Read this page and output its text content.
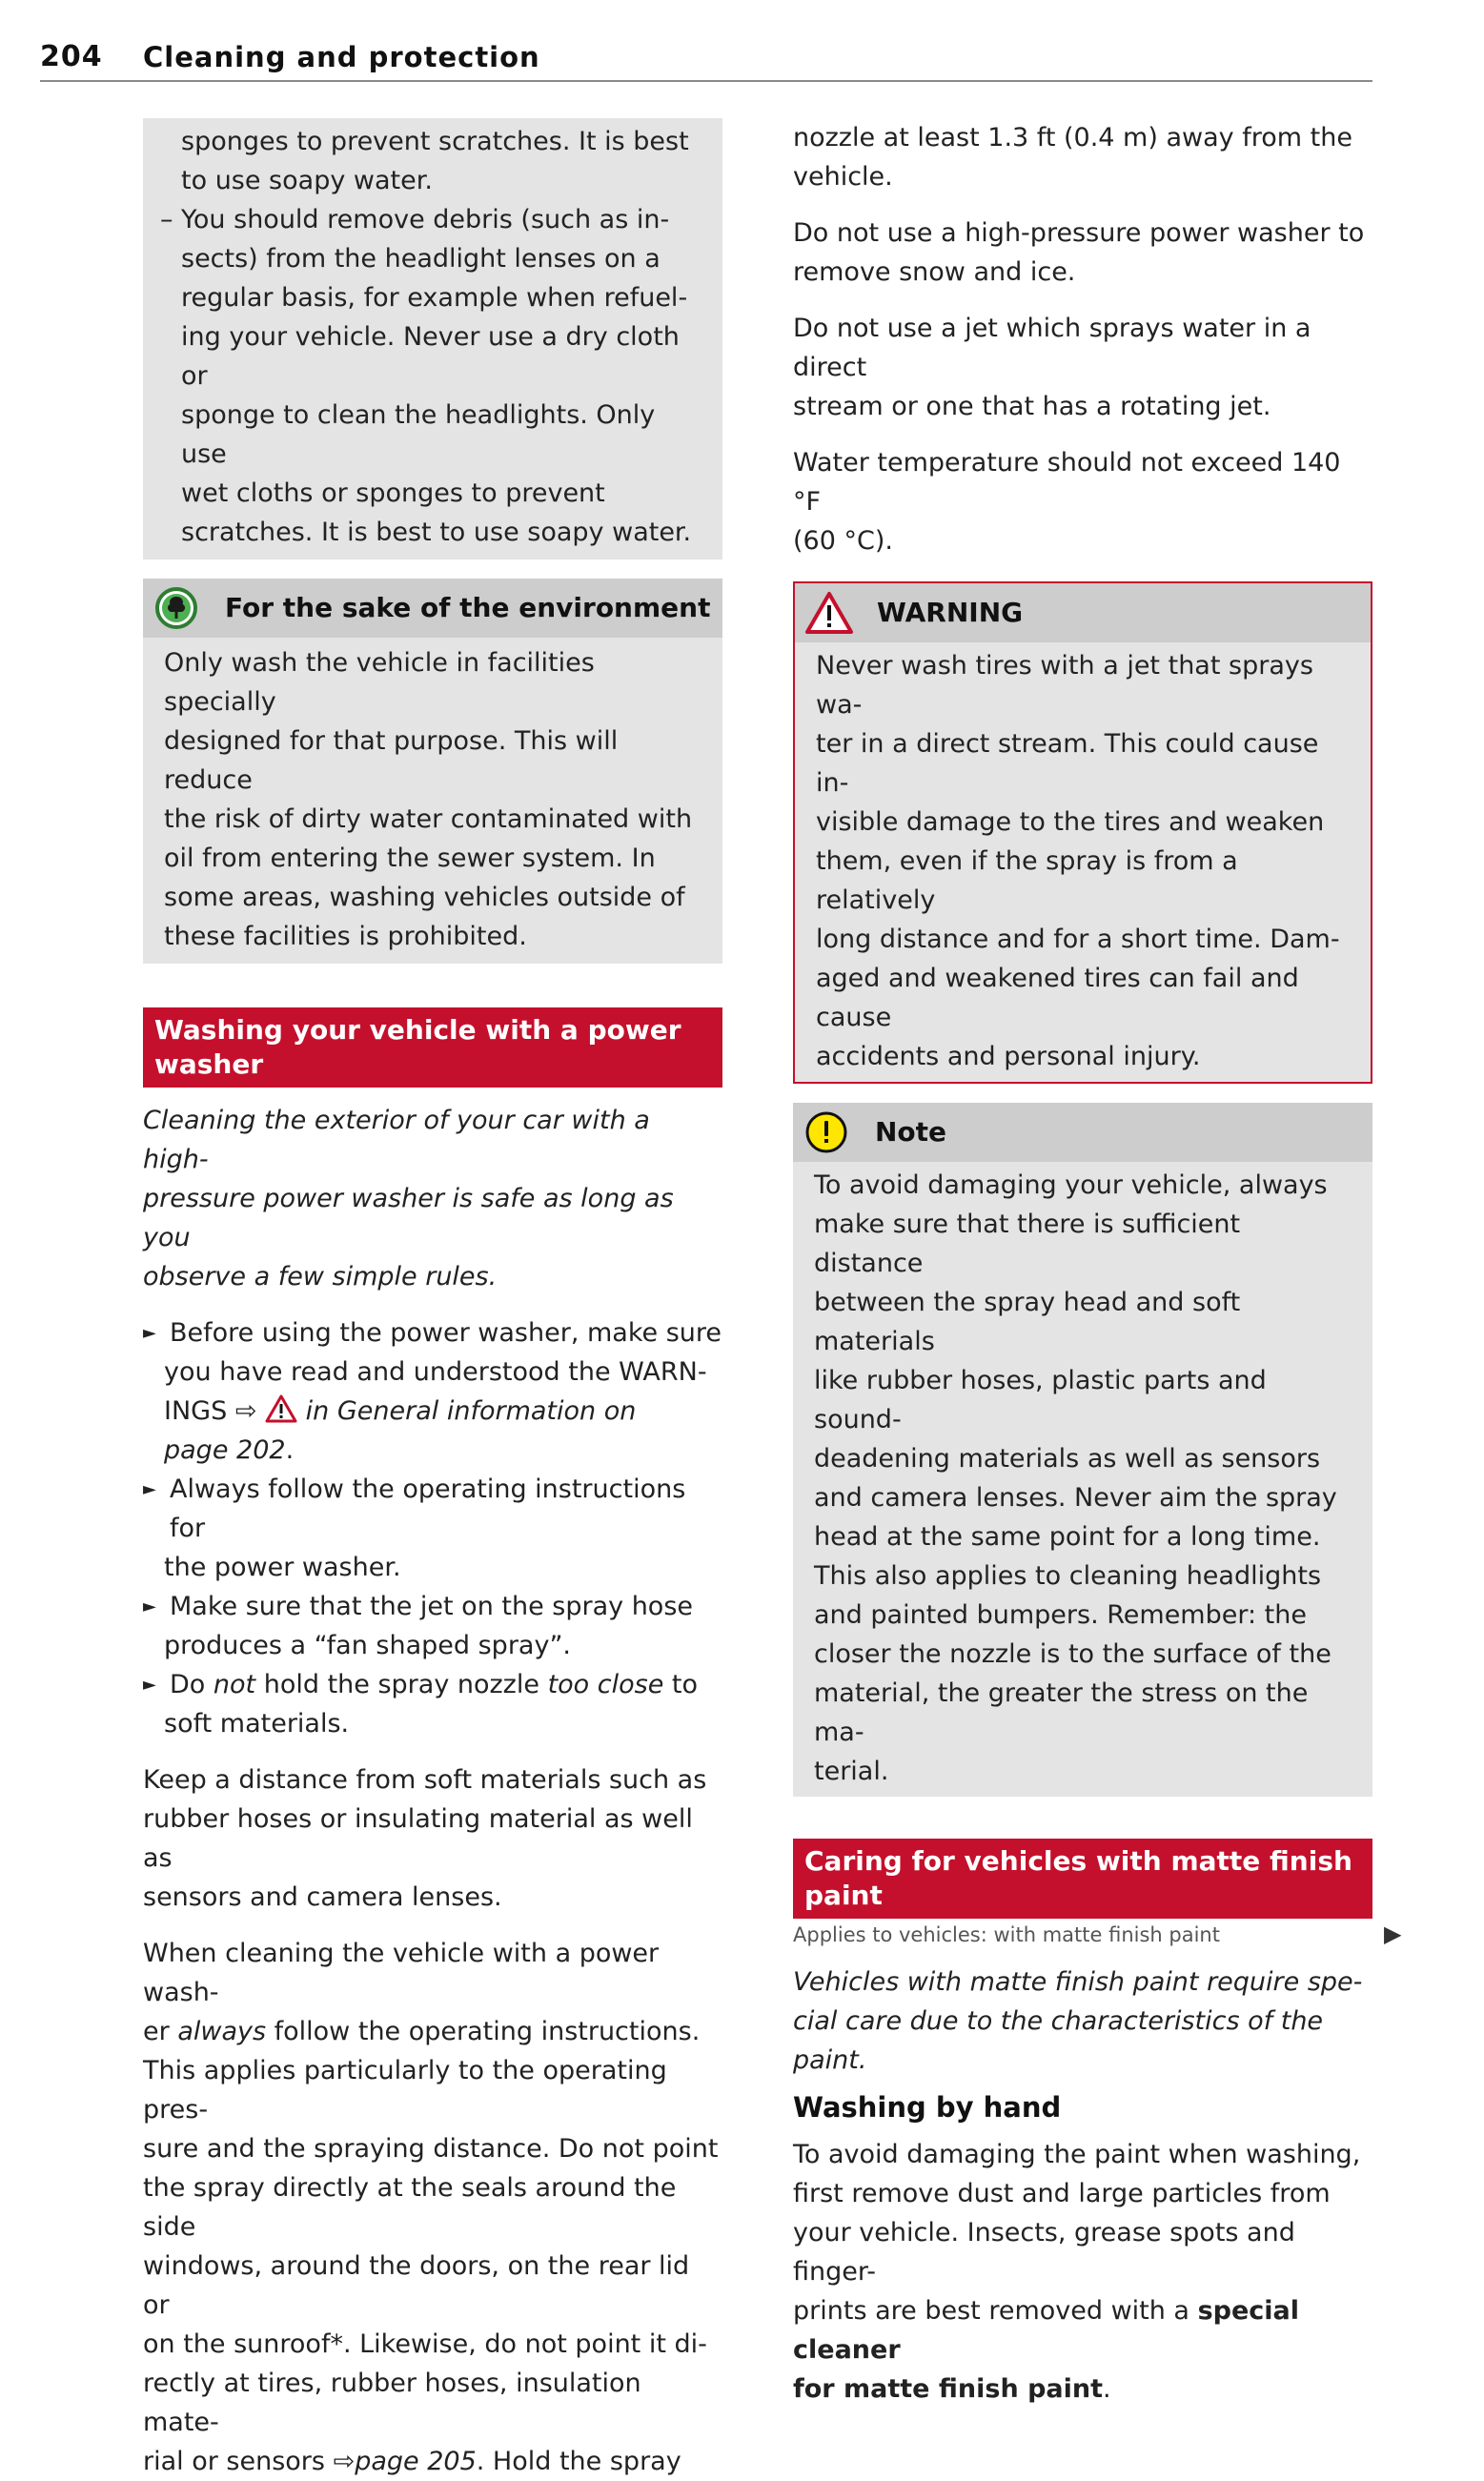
204 Cleaning and protection

sponges to prevent scratches. It is best

to use soapy water.

– You should remove debris (such as in-

sects) from the headlight lenses on a

regular basis, for example when refuel-

ing your vehicle. Never use a dry cloth or

sponge to clean the headlights. Only use

wet cloths or sponges to prevent

scratches. It is best to use soapy water.

For the sake of the environment

Only wash the vehicle in facilities specially

designed for that purpose. This will reduce

the risk of dirty water contaminated with

oil from entering the sewer system. In

some areas, washing vehicles outside of

these facilities is prohibited.

Washing your vehicle with a power

washer

Cleaning the exterior of your car with a high-

pressure power washer is safe as long as you

observe a few simple rules.

► Before using the power washer, make sure

you have read and understood the WARN-

INGS ⇨ in General information on

page 202.

► Always follow the operating instructions for

the power washer.

► Make sure that the jet on the spray hose

produces a “fan shaped spray”.

► Do not hold the spray nozzle too close to

soft materials.

Keep a distance from soft materials such as

rubber hoses or insulating material as well as

sensors and camera lenses.

When cleaning the vehicle with a power wash-

er always follow the operating instructions.

This applies particularly to the operating pres-

sure and the spraying distance. Do not point

the spray directly at the seals around the side

windows, around the doors, on the rear lid or

on the sunroof*. Likewise, do not point it di-

rectly at tires, rubber hoses, insulation mate-

rial or sensors ⇨page 205. Hold the spray

nozzle at least 1.3 ft (0.4 m) away from the

vehicle.

Do not use a high-pressure power washer to

remove snow and ice.

Do not use a jet which sprays water in a direct

stream or one that has a rotating jet.

Water temperature should not exceed 140 °F

(60 °C).

WARNING

Never wash tires with a jet that sprays wa-

ter in a direct stream. This could cause in-

visible damage to the tires and weaken

them, even if the spray is from a relatively

long distance and for a short time. Dam-

aged and weakened tires can fail and cause

accidents and personal injury.

Note

To avoid damaging your vehicle, always

make sure that there is sufficient distance

between the spray head and soft materials

like rubber hoses, plastic parts and sound-

deadening materials as well as sensors

and camera lenses. Never aim the spray

head at the same point for a long time.

This also applies to cleaning headlights

and painted bumpers. Remember: the

closer the nozzle is to the surface of the

material, the greater the stress on the ma-

terial.

Caring for vehicles with matte finish

paint

Applies to vehicles: with matte finish paint

Vehicles with matte finish paint require spe-

cial care due to the characteristics of the

paint.

Washing by hand

To avoid damaging the paint when washing,

first remove dust and large particles from

your vehicle. Insects, grease spots and finger-

prints are best removed with a special cleaner

for matte finish paint.

▶
